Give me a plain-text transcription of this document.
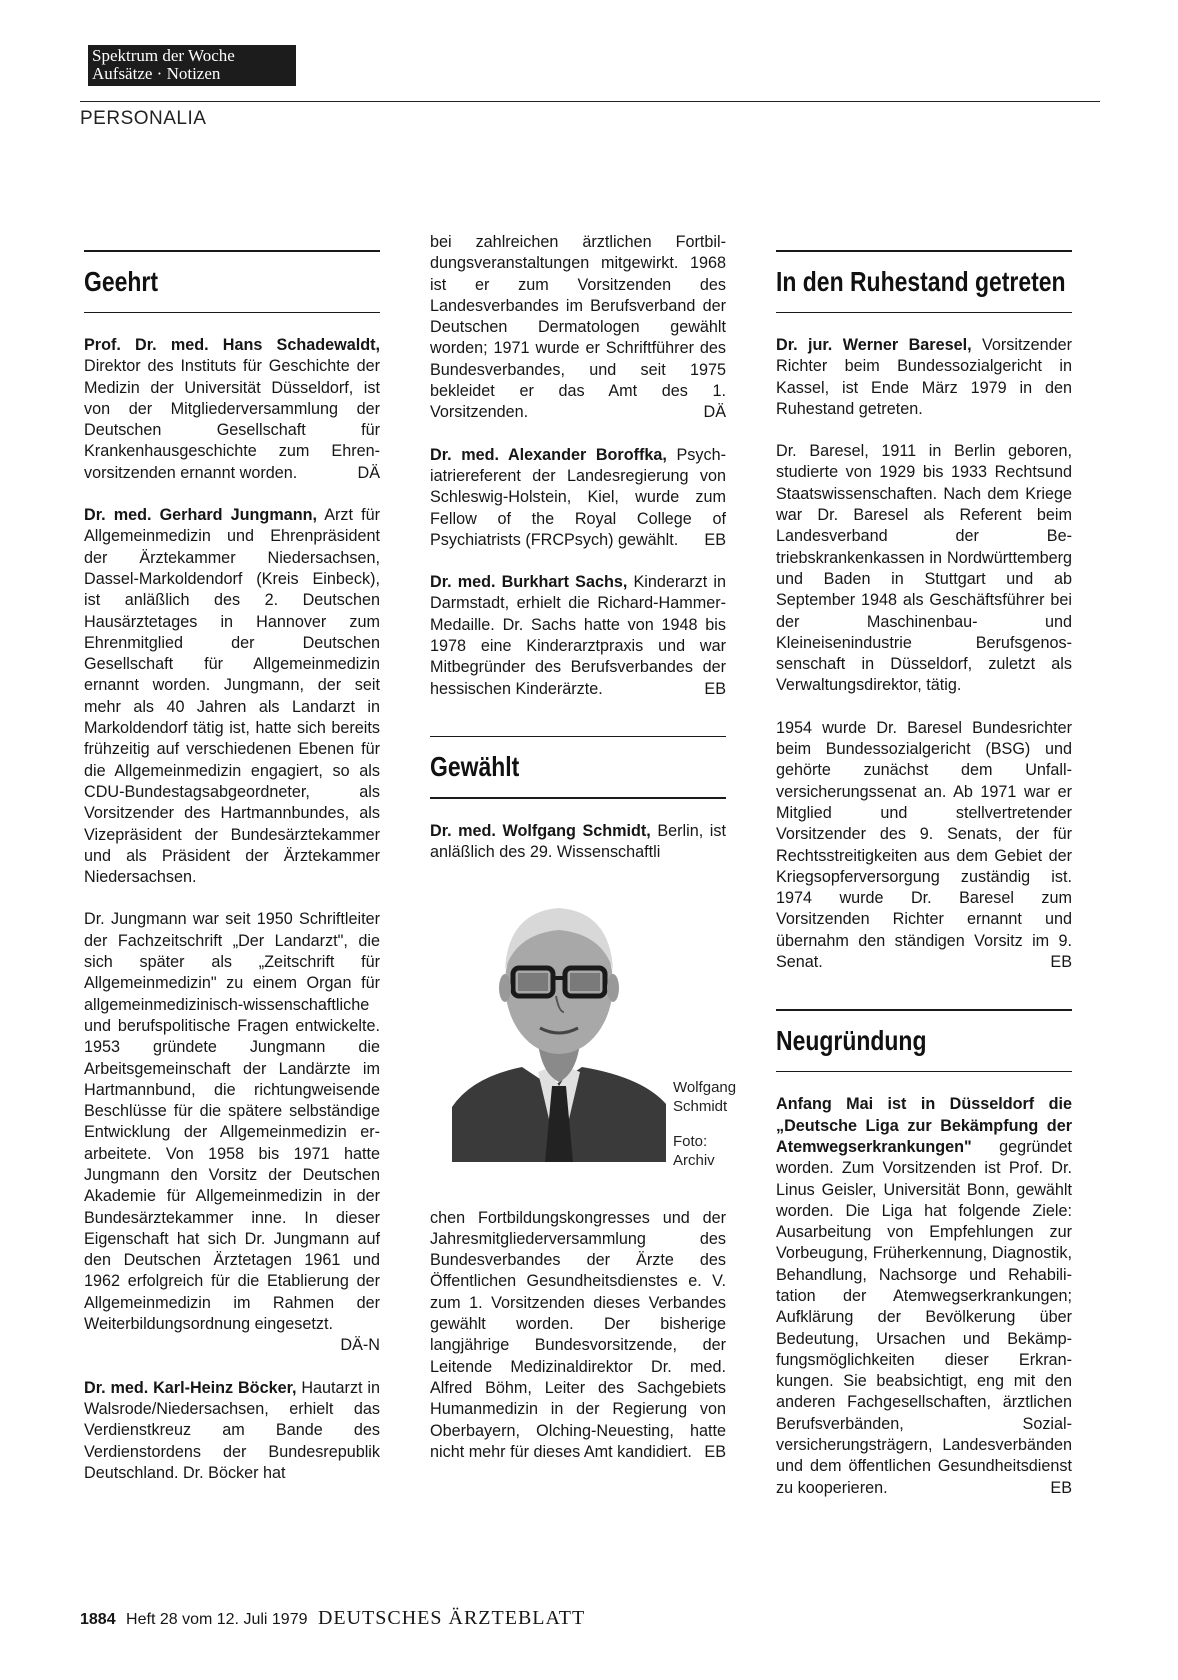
Spektrum der Woche
Aufsätze · Notizen
PERSONALIA
Geehrt

Prof. Dr. med. Hans Schadewaldt, Direktor des Instituts für Geschichte der Medizin der Universität Düsseldorf, ist von der Mitgliederversammlung der Deutschen Gesellschaft für Krankenhausgeschichte zum Ehrenvorsitzenden ernannt worden.	DÄ

Dr. med. Gerhard Jungmann, Arzt für Allgemeinmedizin und Ehrenpräsident der Ärztekammer Niedersachsen, Dassel-Markoldendorf (Kreis Einbeck), ist anläßlich des 2. Deutschen Hausärztetages in Hannover zum Ehrenmitglied der Deutschen Gesellschaft für Allgemeinmedizin ernannt worden. Jungmann, der seit mehr als 40 Jahren als Landarzt in Markoldendorf tätig ist, hatte sich bereits frühzeitig auf verschiedenen Ebenen für die Allgemeinmedizin engagiert, so als CDU-Bundestagsabgeordneter, als Vorsitzender des Hartmannbundes, als Vizepräsident der Bundesärztekammer und als Präsident der Ärztekammer Niedersachsen.

Dr. Jungmann war seit 1950 Schriftleiter der Fachzeitschrift „Der Landarzt", die sich später als „Zeitschrift für Allgemeinmedizin" zu einem Organ für allgemeinmedizinisch-wissenschaftliche und berufspolitische Fragen entwickelte. 1953 gründete Jungmann die Arbeitsgemeinschaft der Landärzte im Hartmannbund, die richtungweisende Beschlüsse für die spätere selbständige Entwicklung der Allgemeinmedizin erarbeitete. Von 1958 bis 1971 hatte Jungmann den Vorsitz der Deutschen Akademie für Allgemeinmedizin in der Bundesärztekammer inne. In dieser Eigenschaft hat sich Dr. Jungmann auf den Deutschen Ärztetagen 1961 und 1962 erfolgreich für die Etablierung der Allgemeinmedizin im Rahmen der Weiterbildungsordnung eingesetzt.
DÄ-N

Dr. med. Karl-Heinz Böcker, Hautarzt in Walsrode/Niedersachsen, erhielt das Verdienstkreuz am Bande des Verdienstordens der Bundesrepublik Deutschland. Dr. Böcker hat

bei zahlreichen ärztlichen Fortbildungsveranstaltungen mitgewirkt. 1968 ist er zum Vorsitzenden des Landesverbandes im Berufsverband der Deutschen Dermatologen gewählt worden; 1971 wurde er Schriftführer des Bundesverbandes, und seit 1975 bekleidet er das Amt des 1. Vorsitzenden.	DÄ

Dr. med. Alexander Boroffka, Psychiatriereferent der Landesregierung von Schleswig-Holstein, Kiel, wurde zum Fellow of the Royal College of Psychiatrists (FRCPsych) gewählt. EB

Dr. med. Burkhart Sachs, Kinderarzt in Darmstadt, erhielt die Richard-Hammer-Medaille. Dr. Sachs hatte von 1948 bis 1978 eine Kinderarztpraxis und war Mitbegründer des Berufsverbandes der hessischen Kinderärzte.	EB

Gewählt

Dr. med. Wolfgang Schmidt, Berlin, ist anläßlich des 29. Wissenschaftli

Wolfgang
Schmidt
Foto:
Archiv

chen Fortbildungskongresses und der Jahresmitgliederversammlung des Bundesverbandes der Ärzte des Öffentlichen Gesundheitsdienstes e. V. zum 1. Vorsitzenden dieses Verbandes gewählt worden. Der bisherige langjährige Bundesvorsitzende, der Leitende Medizinaldirektor Dr. med. Alfred Böhm, Leiter des Sachgebiets Humanmedizin in der Regierung von Oberbayern, Olching-Neuesting, hatte nicht mehr für dieses Amt kandidiert. EB

In den Ruhestand getreten

Dr. jur. Werner Baresel, Vorsitzender Richter beim Bundessozialgericht in Kassel, ist Ende März 1979 in den Ruhestand getreten.

Dr. Baresel, 1911 in Berlin geboren, studierte von 1929 bis 1933 Rechtsund Staatswissenschaften. Nach dem Kriege war Dr. Baresel als Referent beim Landesverband der Betriebskrankenkassen in Nordwürttemberg und Baden in Stuttgart und ab September 1948 als Geschäftsführer bei der Maschinenbau- und Kleineisenindustrie Berufsgenossenschaft in Düsseldorf, zuletzt als Verwaltungsdirektor, tätig.

1954 wurde Dr. Baresel Bundesrichter beim Bundessozialgericht (BSG) und gehörte zunächst dem Unfallversicherungssenat an. Ab 1971 war er Mitglied und stellvertretender Vorsitzender des 9. Senats, der für Rechtsstreitigkeiten aus dem Gebiet der Kriegsopferversorgung zuständig ist. 1974 wurde Dr. Baresel zum Vorsitzenden Richter ernannt und übernahm den ständigen Vorsitz im 9. Senat.	EB

Neugründung

Anfang Mai ist in Düsseldorf die „Deutsche Liga zur Bekämpfung der Atemwegserkrankungen" gegründet worden. Zum Vorsitzenden ist Prof. Dr. Linus Geisler, Universität Bonn, gewählt worden. Die Liga hat folgende Ziele: Ausarbeitung von Empfehlungen zur Vorbeugung, Früherkennung, Diagnostik, Behandlung, Nachsorge und Rehabilitation der Atemwegserkrankungen; Aufklärung der Bevölkerung über Bedeutung, Ursachen und Bekämpfungsmöglichkeiten dieser Erkrankungen. Sie beabsichtigt, eng mit den anderen Fachgesellschaften, ärztlichen Berufsverbänden, Sozialversicherungsträgern, Landesverbänden und dem öffentlichen Gesundheitsdienst zu kooperieren.	EB

1884 Heft 28 vom 12. Juli 1979 DEUTSCHES ÄRZTEBLATT
